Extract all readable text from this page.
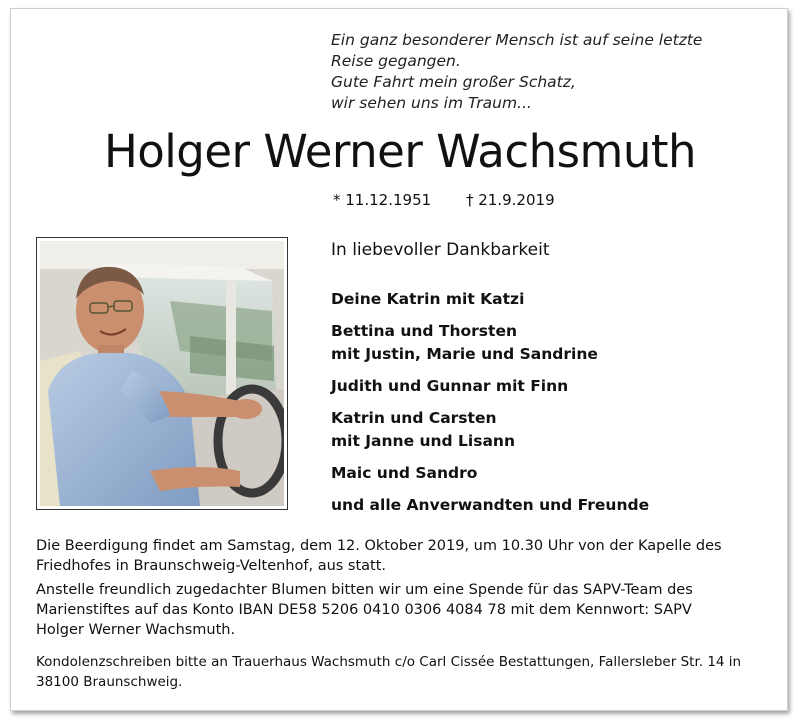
Ein ganz besonderer Mensch ist auf seine letzte
Reise gegangen.
Gute Fahrt mein großer Schatz,
wir sehen uns im Traum...
Holger Werner Wachsmuth
* 11.12.1951 † 21.9.2019
In liebevoller Dankbarkeit
Deine Katrin mit Katzi
Bettina und Thorsten
mit Justin, Marie und Sandrine
Judith und Gunnar mit Finn
Katrin und Carsten
mit Janne und Lisann
Maic und Sandro
und alle Anverwandten und Freunde
Die Beerdigung findet am Samstag, dem 12. Oktober 2019, um 10.30 Uhr von der Kapelle des
Friedhofes in Braunschweig-Veltenhof, aus statt.
Anstelle freundlich zugedachter Blumen bitten wir um eine Spende für das SAPV-Team des
Marienstiftes auf das Konto IBAN DE58 5206 0410 0306 4084 78 mit dem Kennwort: SAPV
Holger Werner Wachsmuth.
Kondolenzschreiben bitte an Trauerhaus Wachsmuth c/o Carl Cissée Bestattungen, Fallersleber Str. 14 in
38100 Braunschweig.
